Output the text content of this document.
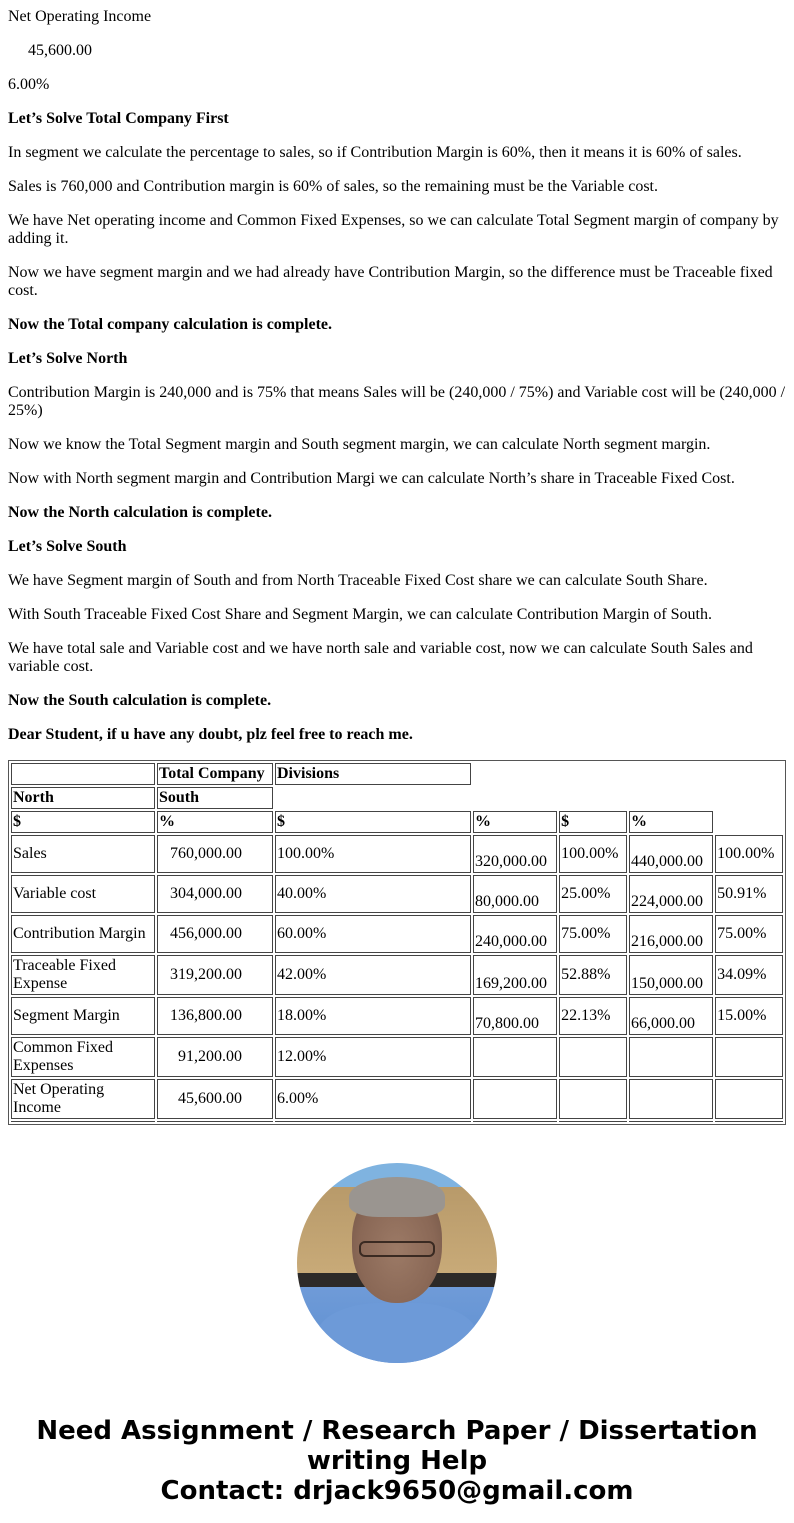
Net Operating Income

45,600.00

6.00%

Let’s Solve Total Company First

In segment we calculate the percentage to sales, so if Contribution Margin is 60%, then it means it is 60% of sales.

Sales is 760,000 and Contribution margin is 60% of sales, so the remaining must be the Variable cost.

We have Net operating income and Common Fixed Expenses, so we can calculate Total Segment margin of company by adding it.

Now we have segment margin and we had already have Contribution Margin, so the difference must be Traceable fixed cost.

Now the Total company calculation is complete.

Let’s Solve North

Contribution Margin is 240,000 and is 75% that means Sales will be (240,000 / 75%) and Variable cost will be (240,000 / 25%)

Now we know the Total Segment margin and South segment margin, we can calculate North segment margin.

Now with North segment margin and Contribution Margi we can calculate North’s share in Traceable Fixed Cost.

Now the North calculation is complete.

Let’s Solve South

We have Segment margin of South and from North Traceable Fixed Cost share we can calculate South Share.

With South Traceable Fixed Cost Share and Segment Margin, we can calculate Contribution Margin of South.

We have total sale and Variable cost and we have north sale and variable cost, now we can calculate South Sales and variable cost.

Now the South calculation is complete.

Dear Student, if u have any doubt, plz feel free to reach me.

	Total Company	Divisions				
North	South					
$	%	$	%	$	%	
Sales	760,000.00	100.00%	320,000.00	100.00%	440,000.00	100.00%
Variable cost	304,000.00	40.00%	80,000.00	25.00%	224,000.00	50.91%
Contribution Margin	456,000.00	60.00%	240,000.00	75.00%	216,000.00	75.00%
Traceable Fixed Expense	319,200.00	42.00%	169,200.00	52.88%	150,000.00	34.09%
Segment Margin	136,800.00	18.00%	70,800.00	22.13%	66,000.00	15.00%
Common Fixed Expenses	91,200.00	12.00%				
Net Operating Income	45,600.00	6.00%				

Need Assignment / Research Paper / Dissertation writing Help
Contact: drjack9650@gmail.com
